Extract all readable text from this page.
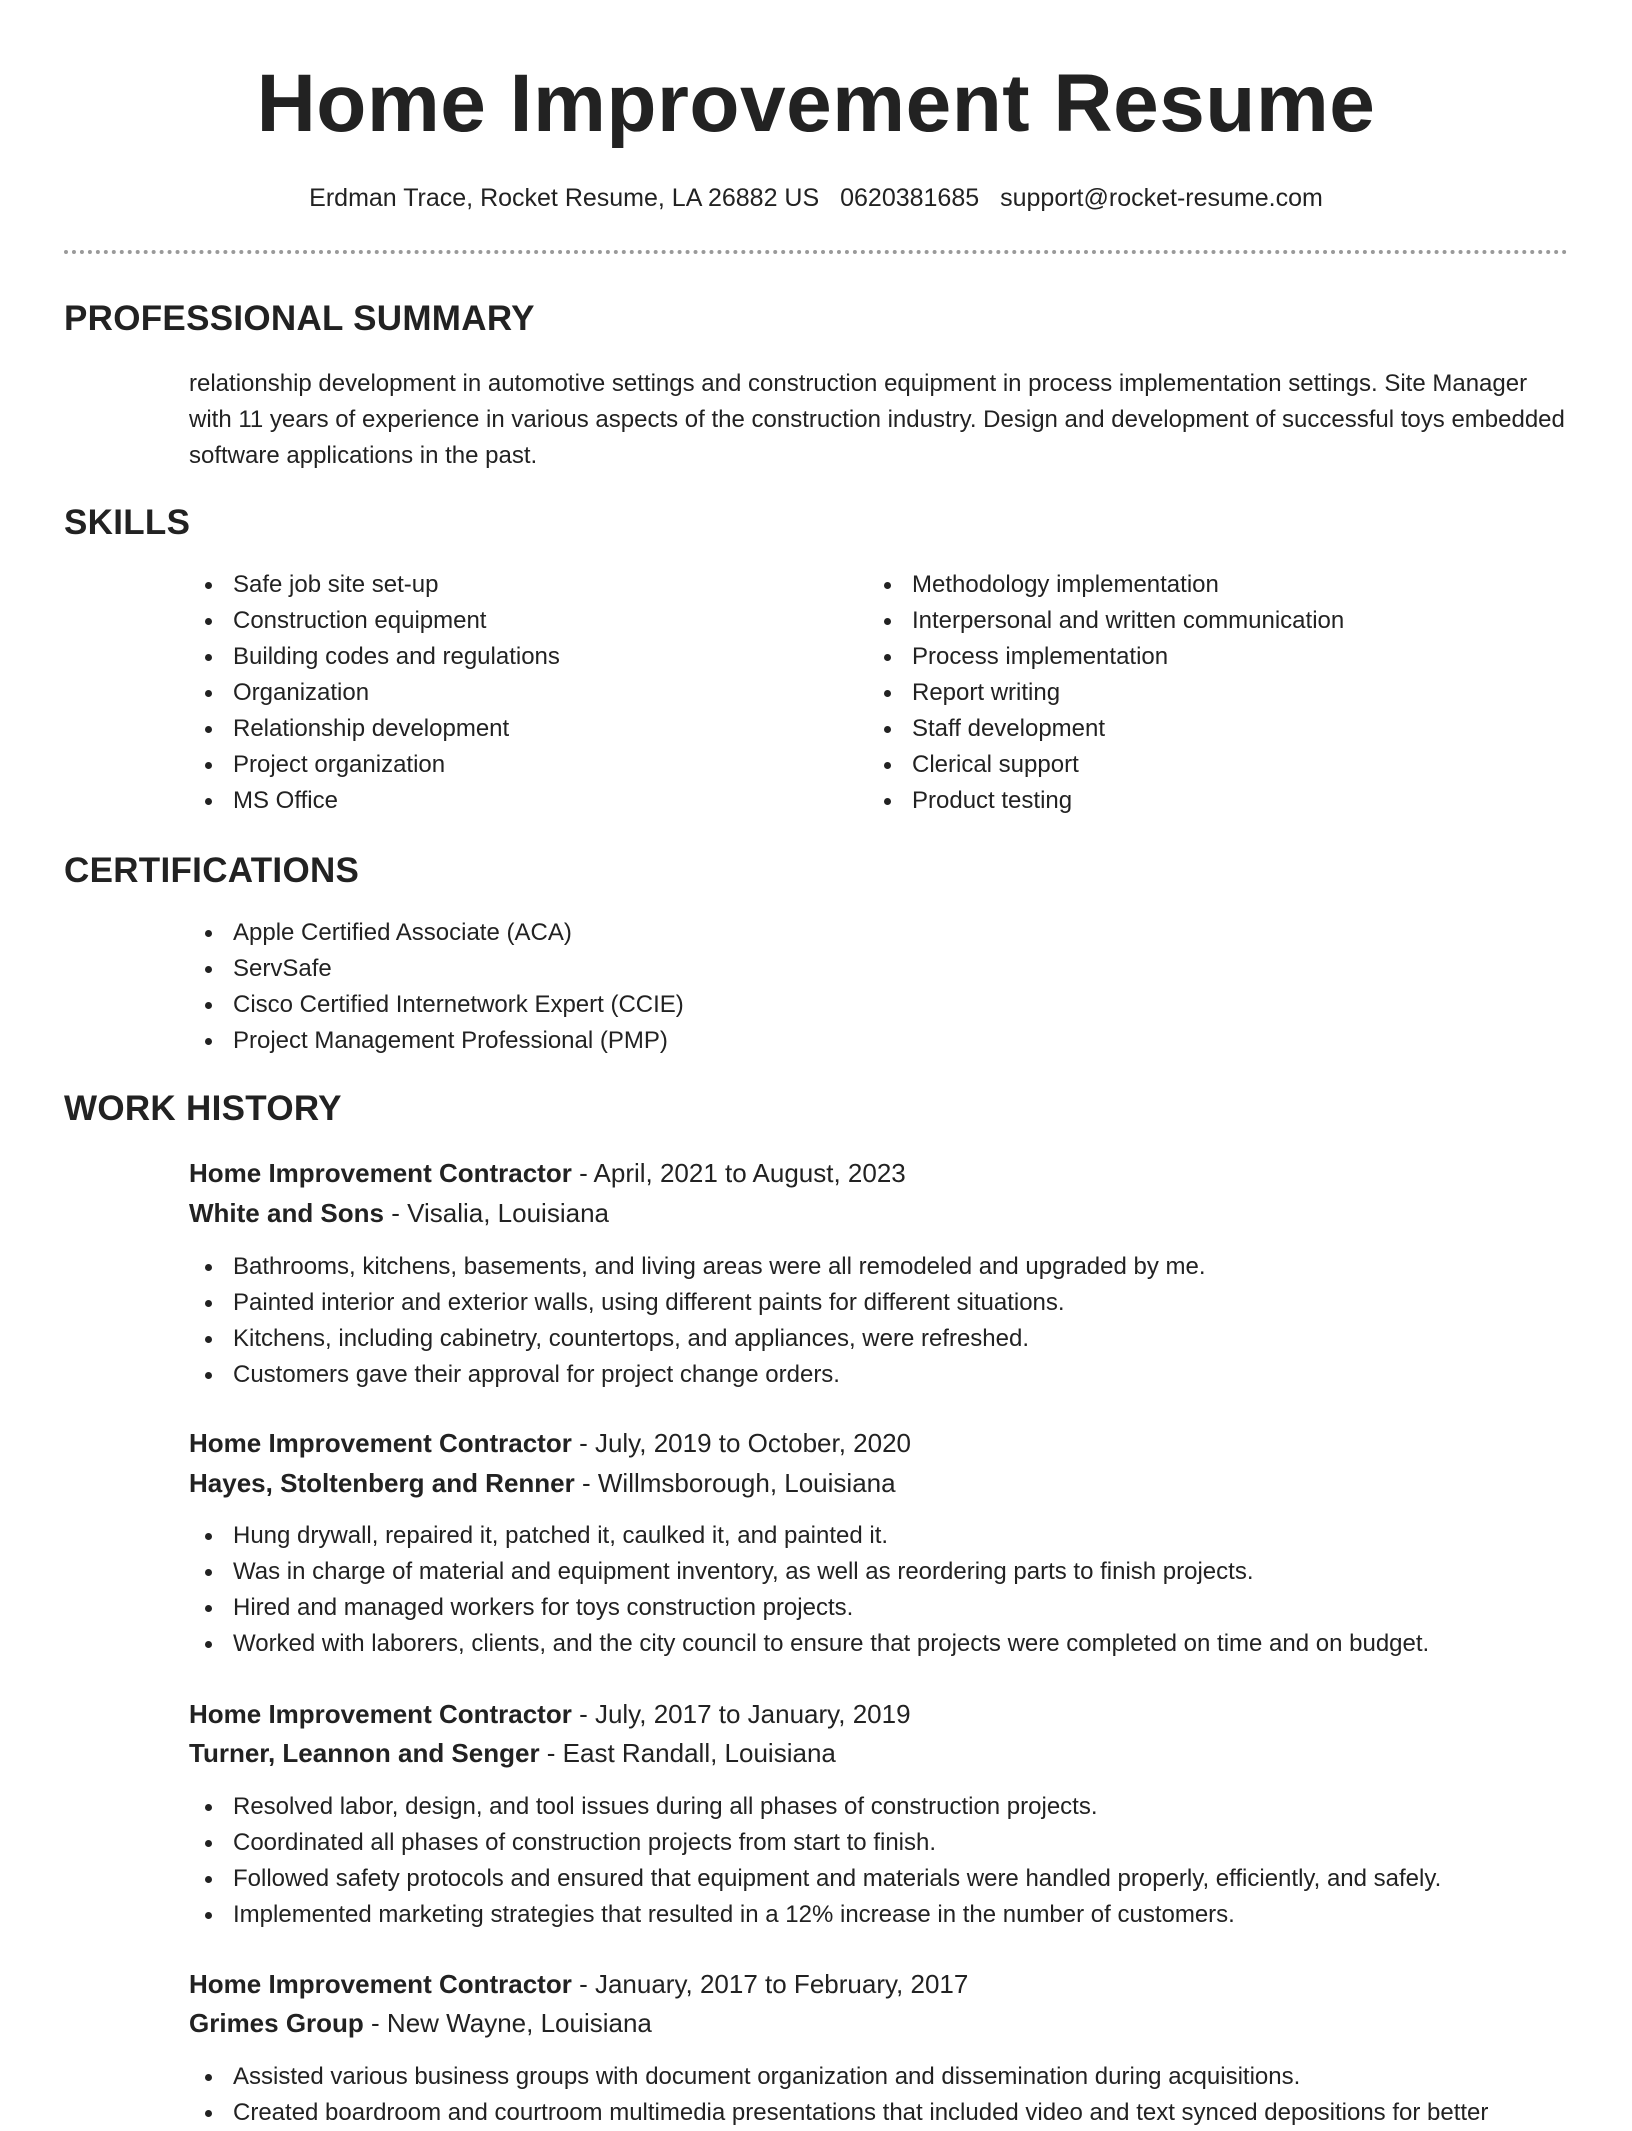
Home Improvement Resume
Erdman Trace, Rocket Resume, LA 26882 US 0620381685 support@rocket-resume.com
PROFESSIONAL SUMMARY

relationship development in automotive settings and construction equipment in process implementation settings. Site Manager with 11 years of experience in various aspects of the construction industry. Design and development of successful toys embedded software applications in the past.

SKILLS
Safe job site set-up
Construction equipment
Building codes and regulations
Organization
Relationship development
Project organization
MS Office
Methodology implementation
Interpersonal and written communication
Process implementation
Report writing
Staff development
Clerical support
Product testing
CERTIFICATIONS
Apple Certified Associate (ACA)
ServSafe
Cisco Certified Internetwork Expert (CCIE)
Project Management Professional (PMP)
WORK HISTORY
Home Improvement Contractor - April, 2021 to August, 2023
White and Sons - Visalia, Louisiana
Bathrooms, kitchens, basements, and living areas were all remodeled and upgraded by me.
Painted interior and exterior walls, using different paints for different situations.
Kitchens, including cabinetry, countertops, and appliances, were refreshed.
Customers gave their approval for project change orders.
Home Improvement Contractor - July, 2019 to October, 2020
Hayes, Stoltenberg and Renner - Willmsborough, Louisiana
Hung drywall, repaired it, patched it, caulked it, and painted it.
Was in charge of material and equipment inventory, as well as reordering parts to finish projects.
Hired and managed workers for toys construction projects.
Worked with laborers, clients, and the city council to ensure that projects were completed on time and on budget.
Home Improvement Contractor - July, 2017 to January, 2019
Turner, Leannon and Senger - East Randall, Louisiana
Resolved labor, design, and tool issues during all phases of construction projects.
Coordinated all phases of construction projects from start to finish.
Followed safety protocols and ensured that equipment and materials were handled properly, efficiently, and safely.
Implemented marketing strategies that resulted in a 12% increase in the number of customers.
Home Improvement Contractor - January, 2017 to February, 2017
Grimes Group - New Wayne, Louisiana
Assisted various business groups with document organization and dissemination during acquisitions.
Created boardroom and courtroom multimedia presentations that included video and text synced depositions for better
